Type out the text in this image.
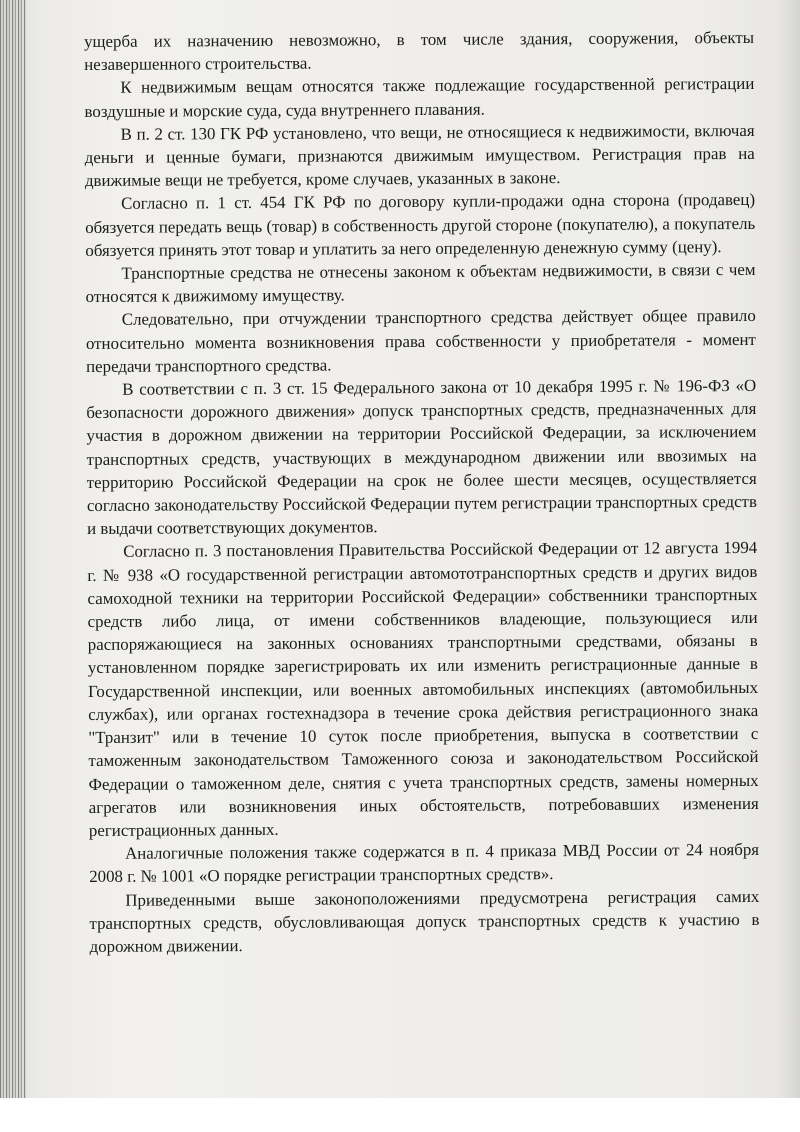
ущерба их назначению невозможно, в том числе здания, сооружения, объекты незавершенного строительства.

К недвижимым вещам относятся также подлежащие государственной регистрации воздушные и морские суда, суда внутреннего плавания.

В п. 2 ст. 130 ГК РФ установлено, что вещи, не относящиеся к недвижимости, включая деньги и ценные бумаги, признаются движимым имуществом. Регистрация прав на движимые вещи не требуется, кроме случаев, указанных в законе.

Согласно п. 1 ст. 454 ГК РФ по договору купли-продажи одна сторона (продавец) обязуется передать вещь (товар) в собственность другой стороне (покупателю), а покупатель обязуется принять этот товар и уплатить за него определенную денежную сумму (цену).

Транспортные средства не отнесены законом к объектам недвижимости, в связи с чем относятся к движимому имуществу.

Следовательно, при отчуждении транспортного средства действует общее правило относительно момента возникновения права собственности у приобретателя - момент передачи транспортного средства.

В соответствии с п. 3 ст. 15 Федерального закона от 10 декабря 1995 г. № 196-ФЗ «О безопасности дорожного движения» допуск транспортных средств, предназначенных для участия в дорожном движении на территории Российской Федерации, за исключением транспортных средств, участвующих в международном движении или ввозимых на территорию Российской Федерации на срок не более шести месяцев, осуществляется согласно законодательству Российской Федерации путем регистрации транспортных средств и выдачи соответствующих документов.

Согласно п. 3 постановления Правительства Российской Федерации от 12 августа 1994 г. № 938 «О государственной регистрации автомототранспортных средств и других видов самоходной техники на территории Российской Федерации» собственники транспортных средств либо лица, от имени собственников владеющие, пользующиеся или распоряжающиеся на законных основаниях транспортными средствами, обязаны в установленном порядке зарегистрировать их или изменить регистрационные данные в Государственной инспекции, или военных автомобильных инспекциях (автомобильных службах), или органах гостехнадзора в течение срока действия регистрационного знака "Транзит" или в течение 10 суток после приобретения, выпуска в соответствии с таможенным законодательством Таможенного союза и законодательством Российской Федерации о таможенном деле, снятия с учета транспортных средств, замены номерных агрегатов или возникновения иных обстоятельств, потребовавших изменения регистрационных данных.

Аналогичные положения также содержатся в п. 4 приказа МВД России от 24 ноября 2008 г. № 1001 «О порядке регистрации транспортных средств».

Приведенными выше законоположениями предусмотрена регистрация самих транспортных средств, обусловливающая допуск транспортных средств к участию в дорожном движении.
